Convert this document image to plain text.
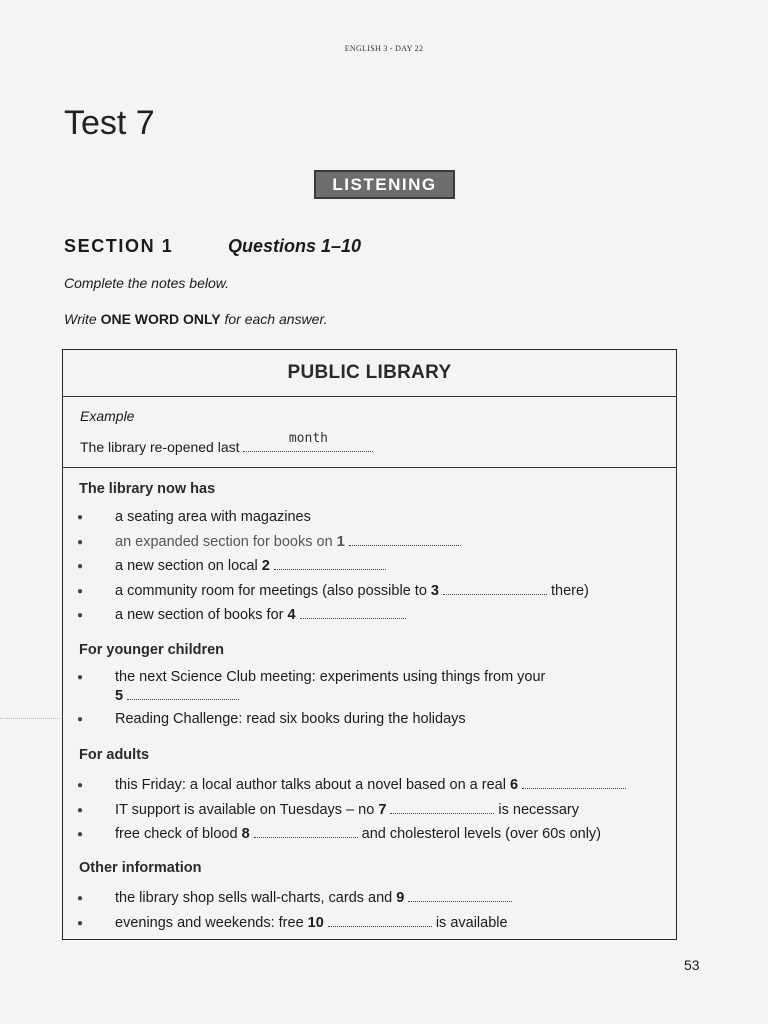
ENGLISH 3 - DAY 22
Test 7
LISTENING
SECTION 1	Questions 1–10
Complete the notes below.
Write ONE WORD ONLY for each answer.
PUBLIC LIBRARY
Example
The library re-opened last
month
The library now has
● a seating area with magazines
● an expanded section for books on 1
● a new section on local 2
● a community room for meetings (also possible to 3	there)
● a new section of books for 4
For younger children
● the next Science Club meeting: experiments using things from your
5
● Reading Challenge: read six books during the holidays
For adults
● this Friday: a local author talks about a novel based on a real 6
● IT support is available on Tuesdays – no 7	is necessary
● free check of blood 8	and cholesterol levels (over 60s only)
Other information
● the library shop sells wall-charts, cards and 9
● evenings and weekends: free 10	is available
53
